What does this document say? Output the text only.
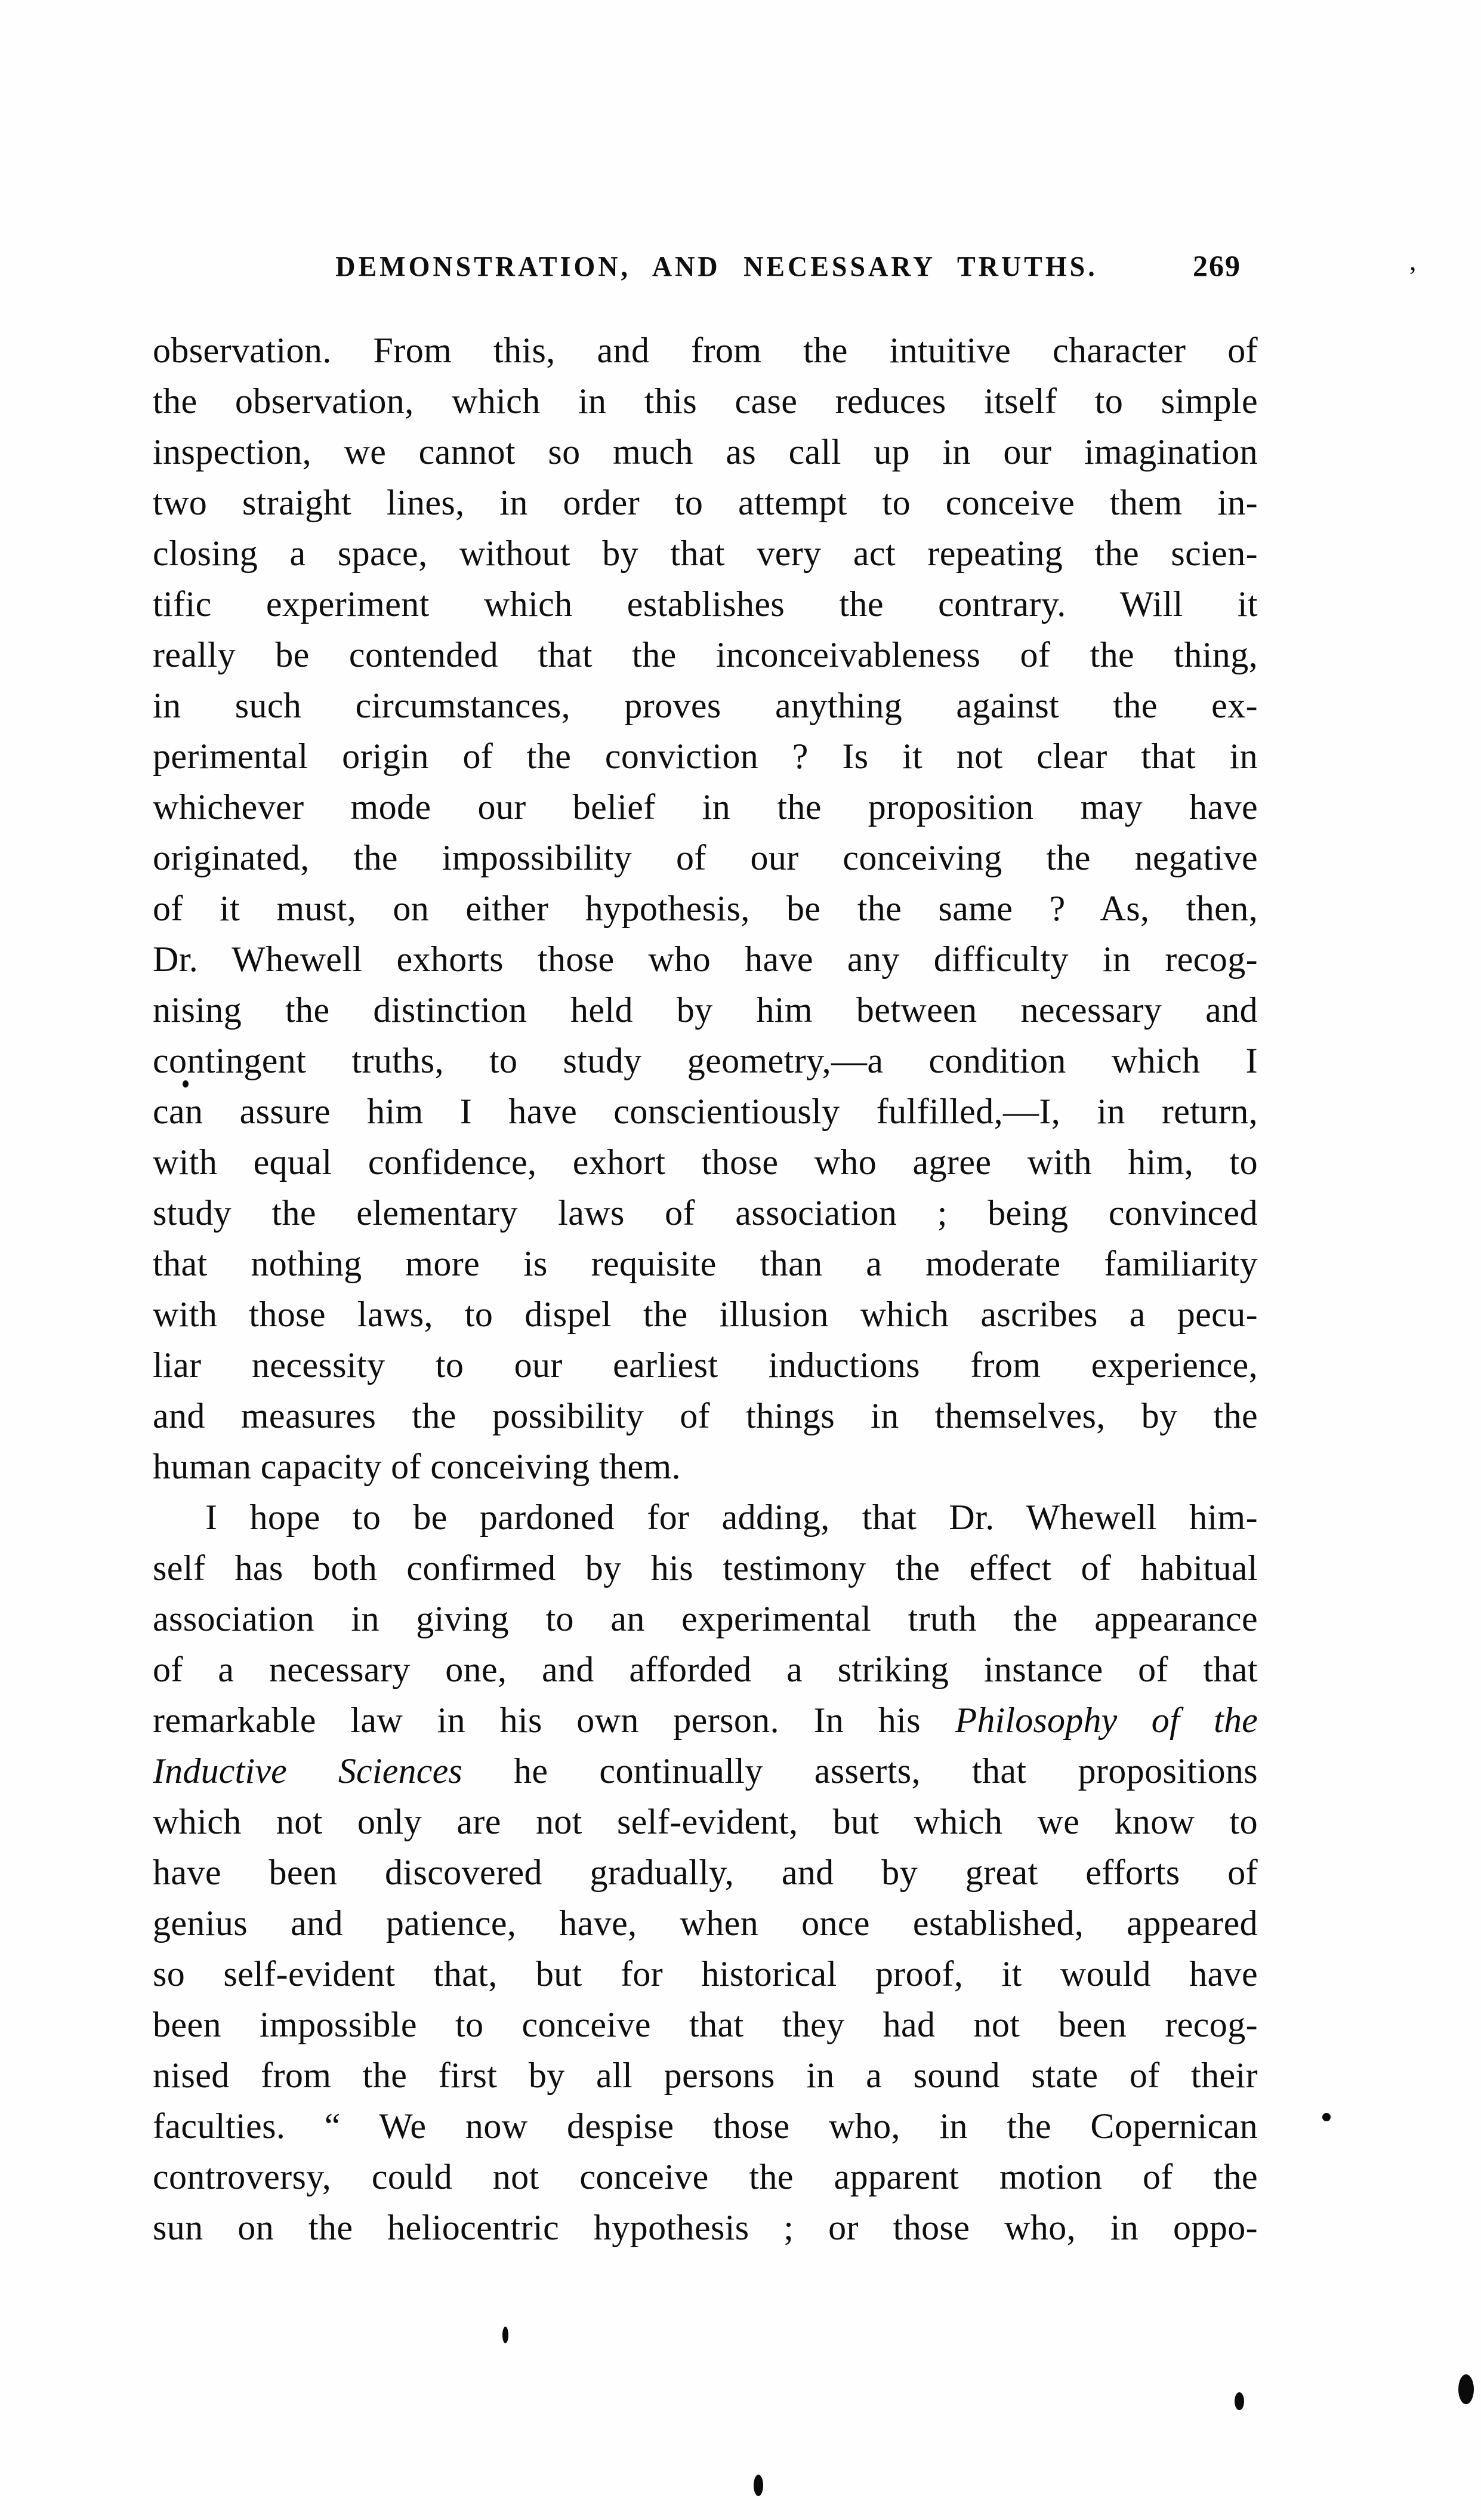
DEMONSTRATION, AND NECESSARY TRUTHS.	269
observation. From this, and from the intuitive character of
the observation, which in this case reduces itself to simple
inspection, we cannot so much as call up in our imagination
two straight lines, in order to attempt to conceive them in-
closing a space, without by that very act repeating the scien-
tific experiment which establishes the contrary. Will it
really be contended that the inconceivableness of the thing,
in such circumstances, proves anything against the ex-
perimental origin of the conviction ? Is it not clear that in
whichever mode our belief in the proposition may have
originated, the impossibility of our conceiving the negative
of it must, on either hypothesis, be the same ? As, then,
Dr. Whewell exhorts those who have any difficulty in recog-
nising the distinction held by him between necessary and
contingent truths, to study geometry,—a condition which I
can assure him I have conscientiously fulfilled,—I, in return,
with equal confidence, exhort those who agree with him, to
study the elementary laws of association ; being convinced
that nothing more is requisite than a moderate familiarity
with those laws, to dispel the illusion which ascribes a pecu-
liar necessity to our earliest inductions from experience,
and measures the possibility of things in themselves, by the
human capacity of conceiving them.
I hope to be pardoned for adding, that Dr. Whewell him-
self has both confirmed by his testimony the effect of habitual
association in giving to an experimental truth the appearance
of a necessary one, and afforded a striking instance of that
remarkable law in his own person. In his Philosophy of the
Inductive Sciences he continually asserts, that propositions
which not only are not self-evident, but which we know to
have been discovered gradually, and by great efforts of
genius and patience, have, when once established, appeared
so self-evident that, but for historical proof, it would have
been impossible to conceive that they had not been recog-
nised from the first by all persons in a sound state of their
faculties. “ We now despise those who, in the Copernican
controversy, could not conceive the apparent motion of the
sun on the heliocentric hypothesis ; or those who, in oppo-
,
